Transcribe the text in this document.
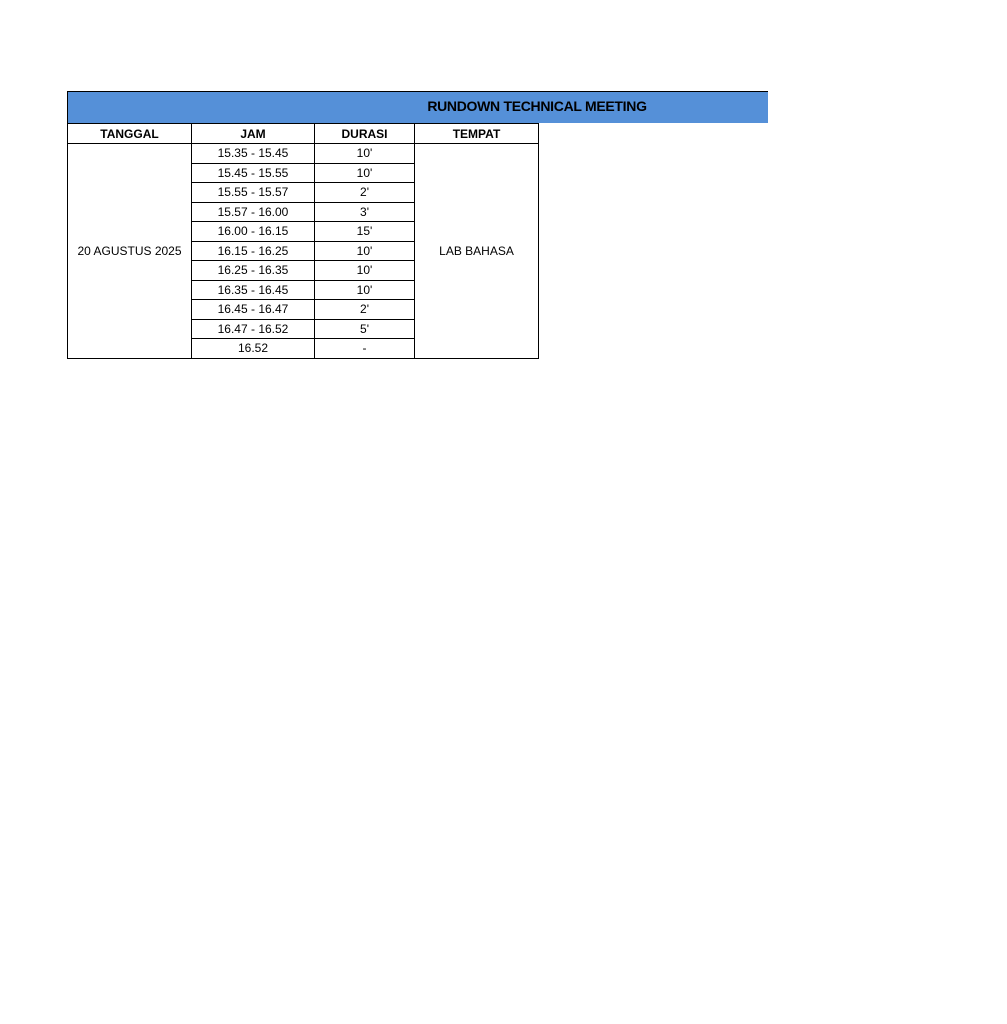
RUNDOWN TECHNICAL MEETING
TANGGAL	JAM	DURASI	TEMPAT
20 AGUSTUS 2025	15.35 - 15.45	10'	LAB BAHASA
	15.45 - 15.55	10'	
	15.55 - 15.57	2'	
	15.57 - 16.00	3'	
	16.00 - 16.15	15'	
	16.15 - 16.25	10'	
	16.25 - 16.35	10'	
	16.35 - 16.45	10'	
	16.45 - 16.47	2'	
	16.47 - 16.52	5'	
	16.52	-	
